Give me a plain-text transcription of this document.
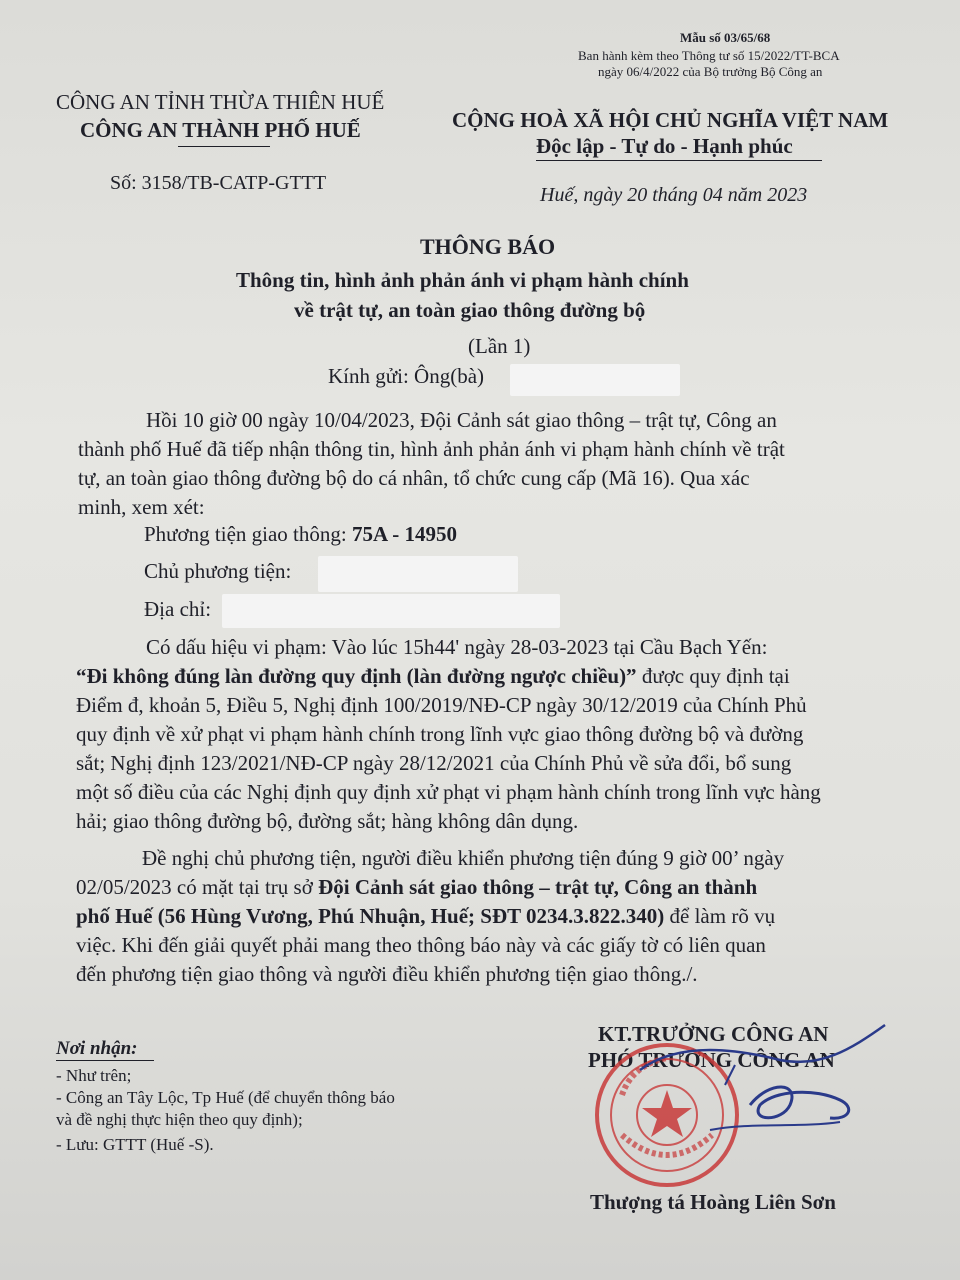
Mẫu số 03/65/68
Ban hành kèm theo Thông tư số 15/2022/TT-BCA
ngày 06/4/2022 của Bộ trưởng Bộ Công an
CÔNG AN TỈNH THỪA THIÊN HUẾ
CÔNG AN THÀNH PHỐ HUẾ
Số: 3158/TB-CATP-GTTT
CỘNG HOÀ XÃ HỘI CHỦ NGHĨA VIỆT NAM
Độc lập - Tự do - Hạnh phúc
Huế, ngày 20 tháng 04 năm 2023
THÔNG BÁO
Thông tin, hình ảnh phản ánh vi phạm hành chính
về trật tự, an toàn giao thông đường bộ
(Lần 1)
Kính gửi: Ông(bà)
Hồi 10 giờ 00 ngày 10/04/2023, Đội Cảnh sát giao thông – trật tự, Công an
thành phố Huế đã tiếp nhận thông tin, hình ảnh phản ánh vi phạm hành chính về trật
tự, an toàn giao thông đường bộ do cá nhân, tổ chức cung cấp (Mã 16). Qua xác
minh, xem xét:
Phương tiện giao thông: 75A - 14950
Chủ phương tiện:
Địa chỉ:
Có dấu hiệu vi phạm: Vào lúc 15h44' ngày 28-03-2023 tại Cầu Bạch Yến:
“Đi không đúng làn đường quy định (làn đường ngược chiều)” được quy định tại
Điểm đ, khoản 5, Điều 5, Nghị định 100/2019/NĐ-CP ngày 30/12/2019 của Chính Phủ
quy định về xử phạt vi phạm hành chính trong lĩnh vực giao thông đường bộ và đường
sắt; Nghị định 123/2021/NĐ-CP ngày 28/12/2021 của Chính Phủ về sửa đổi, bổ sung
một số điều của các Nghị định quy định xử phạt vi phạm hành chính trong lĩnh vực hàng
hải; giao thông đường bộ, đường sắt; hàng không dân dụng.
Đề nghị chủ phương tiện, người điều khiển phương tiện đúng 9 giờ 00’ ngày
02/05/2023 có mặt tại trụ sở Đội Cảnh sát giao thông – trật tự, Công an thành
phố Huế (56 Hùng Vương, Phú Nhuận, Huế; SĐT 0234.3.822.340) để làm rõ vụ
việc. Khi đến giải quyết phải mang theo thông báo này và các giấy tờ có liên quan
đến phương tiện giao thông và người điều khiển phương tiện giao thông./.
Nơi nhận:
- Như trên;
- Công an Tây Lộc, Tp Huế (để chuyển thông báo
và đề nghị thực hiện theo quy định);
- Lưu: GTTT (Huế -S).
KT.TRƯỞNG CÔNG AN
PHÓ TRƯỞNG CÔNG AN
Thượng tá Hoàng Liên Sơn
